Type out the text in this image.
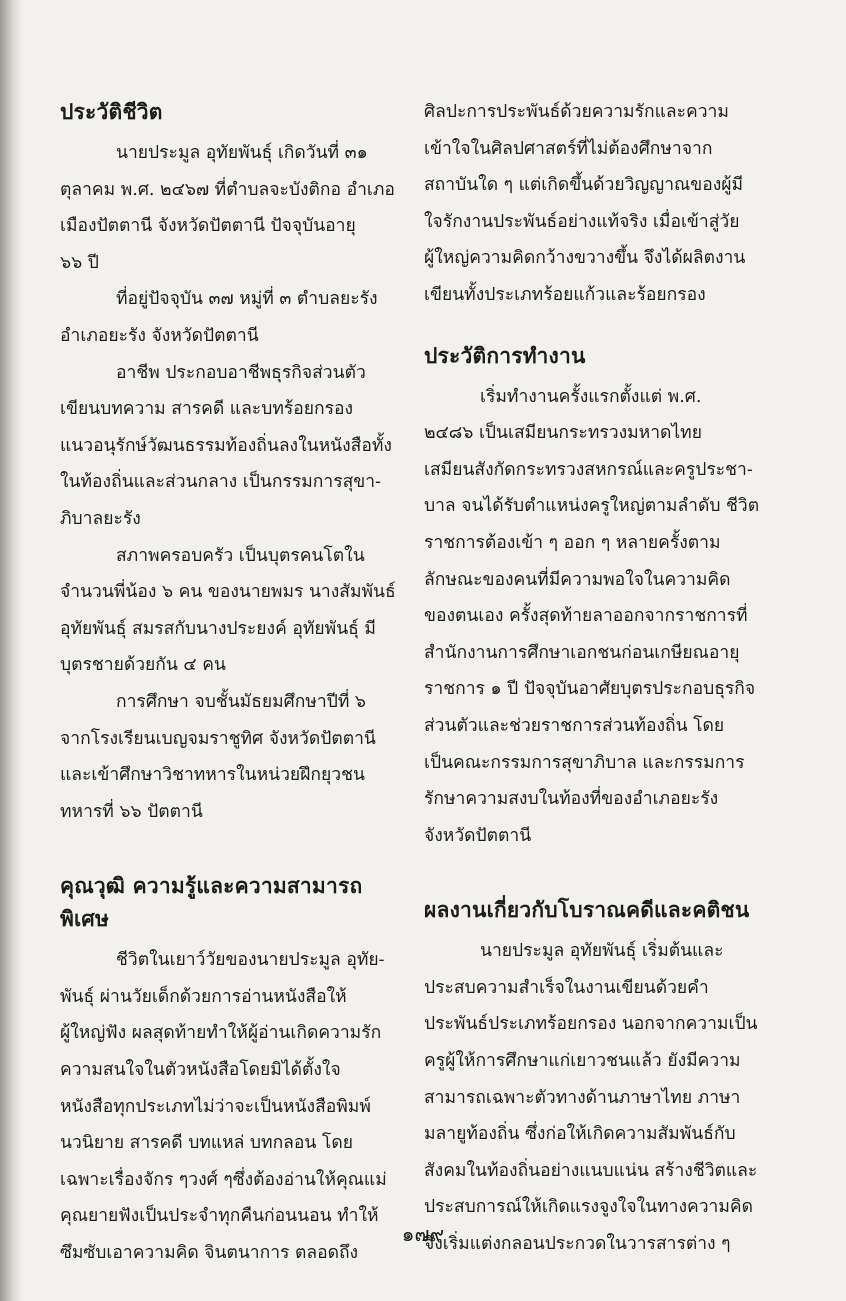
ประวัติชีวิต

นายประมูล อุทัยพันธุ์ เกิดวันที่ ๓๑
ตุลาคม พ.ศ. ๒๔๖๗ ที่ตำบลจะบังติกอ อำเภอ
เมืองปัตตานี จังหวัดปัตตานี ปัจจุบันอายุ
๖๖ ปี

ที่อยู่ปัจจุบัน ๓๗ หมู่ที่ ๓ ตำบลยะรัง
อำเภอยะรัง จังหวัดปัตตานี

อาชีพ ประกอบอาชีพธุรกิจส่วนตัว
เขียนบทความ สารคดี และบทร้อยกรอง
แนวอนุรักษ์วัฒนธรรมท้องถิ่นลงในหนังสือทั้ง
ในท้องถิ่นและส่วนกลาง เป็นกรรมการสุขา-
ภิบาลยะรัง

สภาพครอบครัว เป็นบุตรคนโตใน
จำนวนพี่น้อง ๖ คน ของนายพมร นางสัมพันธ์
อุทัยพันธุ์ สมรสกับนางประยงค์ อุทัยพันธุ์ มี
บุตรชายด้วยกัน ๔ คน

การศึกษา จบชั้นมัธยมศึกษาปีที่ ๖
จากโรงเรียนเบญจมราชูทิศ จังหวัดปัตตานี
และเข้าศึกษาวิชาทหารในหน่วยฝึกยุวชน
ทหารที่ ๖๖ ปัตตานี

คุณวุฒิ ความรู้และความสามารถพิเศษ

ชีวิตในเยาว์วัยของนายประมูล อุทัย-
พันธุ์ ผ่านวัยเด็กด้วยการอ่านหนังสือให้
ผู้ใหญ่ฟัง ผลสุดท้ายทำให้ผู้อ่านเกิดความรัก
ความสนใจในตัวหนังสือโดยมิได้ตั้งใจ
หนังสือทุกประเภทไม่ว่าจะเป็นหนังสือพิมพ์
นวนิยาย สารคดี บทแหล่ บทกลอน โดย
เฉพาะเรื่องจักร ๆวงศ์ ๆซึ่งต้องอ่านให้คุณแม่
คุณยายฟังเป็นประจำทุกคืนก่อนนอน ทำให้
ซึมซับเอาความคิด จินตนาการ ตลอดถึง

ศิลปะการประพันธ์ด้วยความรักและความ
เข้าใจในศิลปศาสตร์ที่ไม่ต้องศึกษาจาก
สถาบันใด ๆ แต่เกิดขึ้นด้วยวิญญาณของผู้มี
ใจรักงานประพันธ์อย่างแท้จริง เมื่อเข้าสู่วัย
ผู้ใหญ่ความคิดกว้างขวางขึ้น จึงได้ผลิตงาน
เขียนทั้งประเภทร้อยแก้วและร้อยกรอง

ประวัติการทำงาน

เริ่มทำงานครั้งแรกตั้งแต่ พ.ศ.
๒๔๘๖ เป็นเสมียนกระทรวงมหาดไทย
เสมียนสังกัดกระทรวงสหกรณ์และครูประชา-
บาล จนได้รับตำแหน่งครูใหญ่ตามลำดับ ชีวิต
ราชการต้องเข้า ๆ ออก ๆ หลายครั้งตาม
ลักษณะของคนที่มีความพอใจในความคิด
ของตนเอง ครั้งสุดท้ายลาออกจากราชการที่
สำนักงานการศึกษาเอกชนก่อนเกษียณอายุ
ราชการ ๑ ปี ปัจจุบันอาศัยบุตรประกอบธุรกิจ
ส่วนตัวและช่วยราชการส่วนท้องถิ่น โดย
เป็นคณะกรรมการสุขาภิบาล และกรรมการ
รักษาความสงบในท้องที่ของอำเภอยะรัง
จังหวัดปัตตานี

ผลงานเกี่ยวกับโบราณคดีและคติชน

นายประมูล อุทัยพันธุ์ เริ่มต้นและ
ประสบความสำเร็จในงานเขียนด้วยคำ
ประพันธ์ประเภทร้อยกรอง นอกจากความเป็น
ครูผู้ให้การศึกษาแก่เยาวชนแล้ว ยังมีความ
สามารถเฉพาะตัวทางด้านภาษาไทย ภาษา
มลายูท้องถิ่น ซึ่งก่อให้เกิดความสัมพันธ์กับ
สังคมในท้องถิ่นอย่างแนบแน่น สร้างชีวิตและ
ประสบการณ์ให้เกิดแรงจูงใจในทางความคิด
จึงเริ่มแต่งกลอนประกวดในวารสารต่าง ๆ

๑๗๙
